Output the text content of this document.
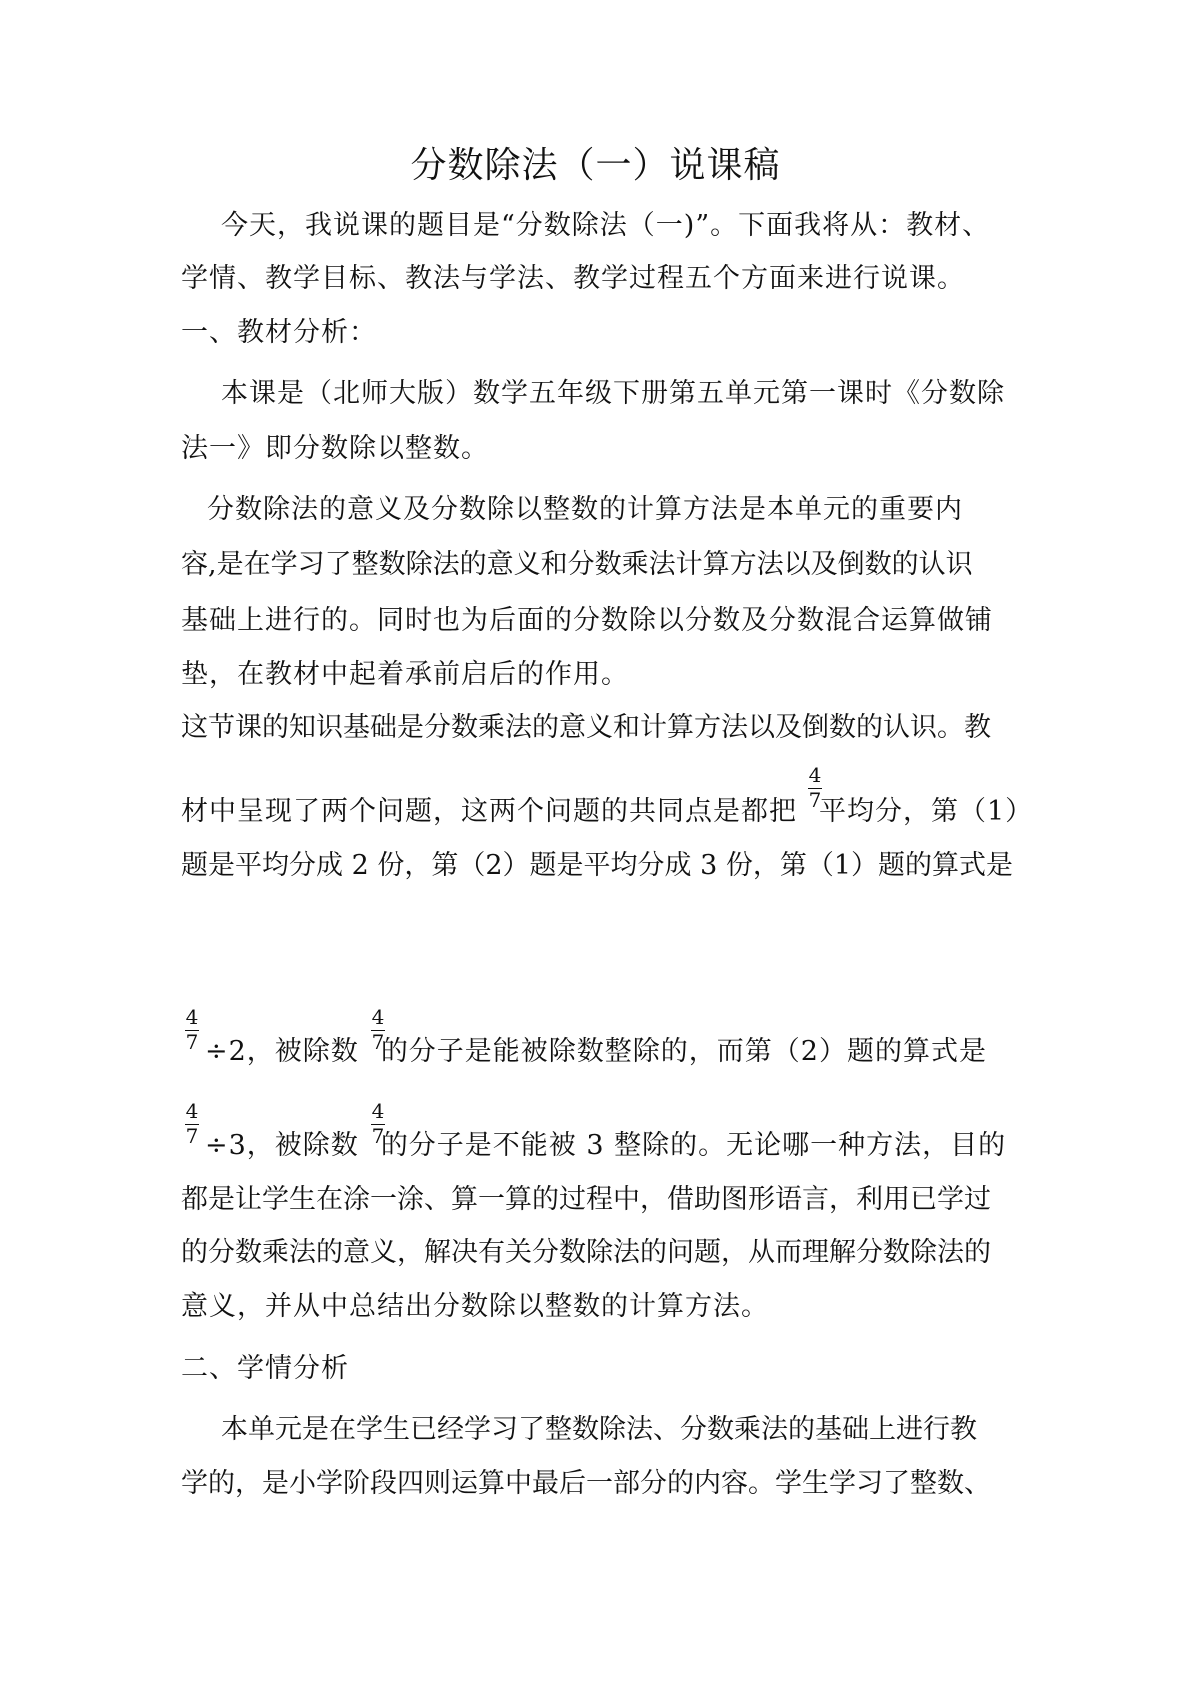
分数除法（一）说课稿
今天，我说课的题目是“分数除法（一)”。下面我将从：教材、
学情、教学目标、教法与学法、教学过程五个方面来进行说课。
一、教材分析：
本课是（北师大版）数学五年级下册第五单元第一课时《分数除
法一》即分数除以整数。
分数除法的意义及分数除以整数的计算方法是本单元的重要内
容,是在学习了整数除法的意义和分数乘法计算方法以及倒数的认识
基础上进行的。同时也为后面的分数除以分数及分数混合运算做铺
垫，在教材中起着承前启后的作用。
这节课的知识基础是分数乘法的意义和计算方法以及倒数的认识。教
材中呈现了两个问题，这两个问题的共同点是都把 平均分，第（1）
4
7
题是平均分成 2 份，第（2）题是平均分成 3 份，第（1）题的算式是
4
7 ÷2，被除数 的分子是能被除数整除的，而第（2）题的算式是
4
7
4
7 ÷3，被除数 的分子是不能被 3 整除的。无论哪一种方法，目的
4
7
都是让学生在涂一涂、算一算的过程中，借助图形语言，利用已学过
的分数乘法的意义，解决有关分数除法的问题，从而理解分数除法的
意义，并从中总结出分数除以整数的计算方法。
二、学情分析
本单元是在学生已经学习了整数除法、分数乘法的基础上进行教
学的，是小学阶段四则运算中最后一部分的内容。学生学习了整数、
